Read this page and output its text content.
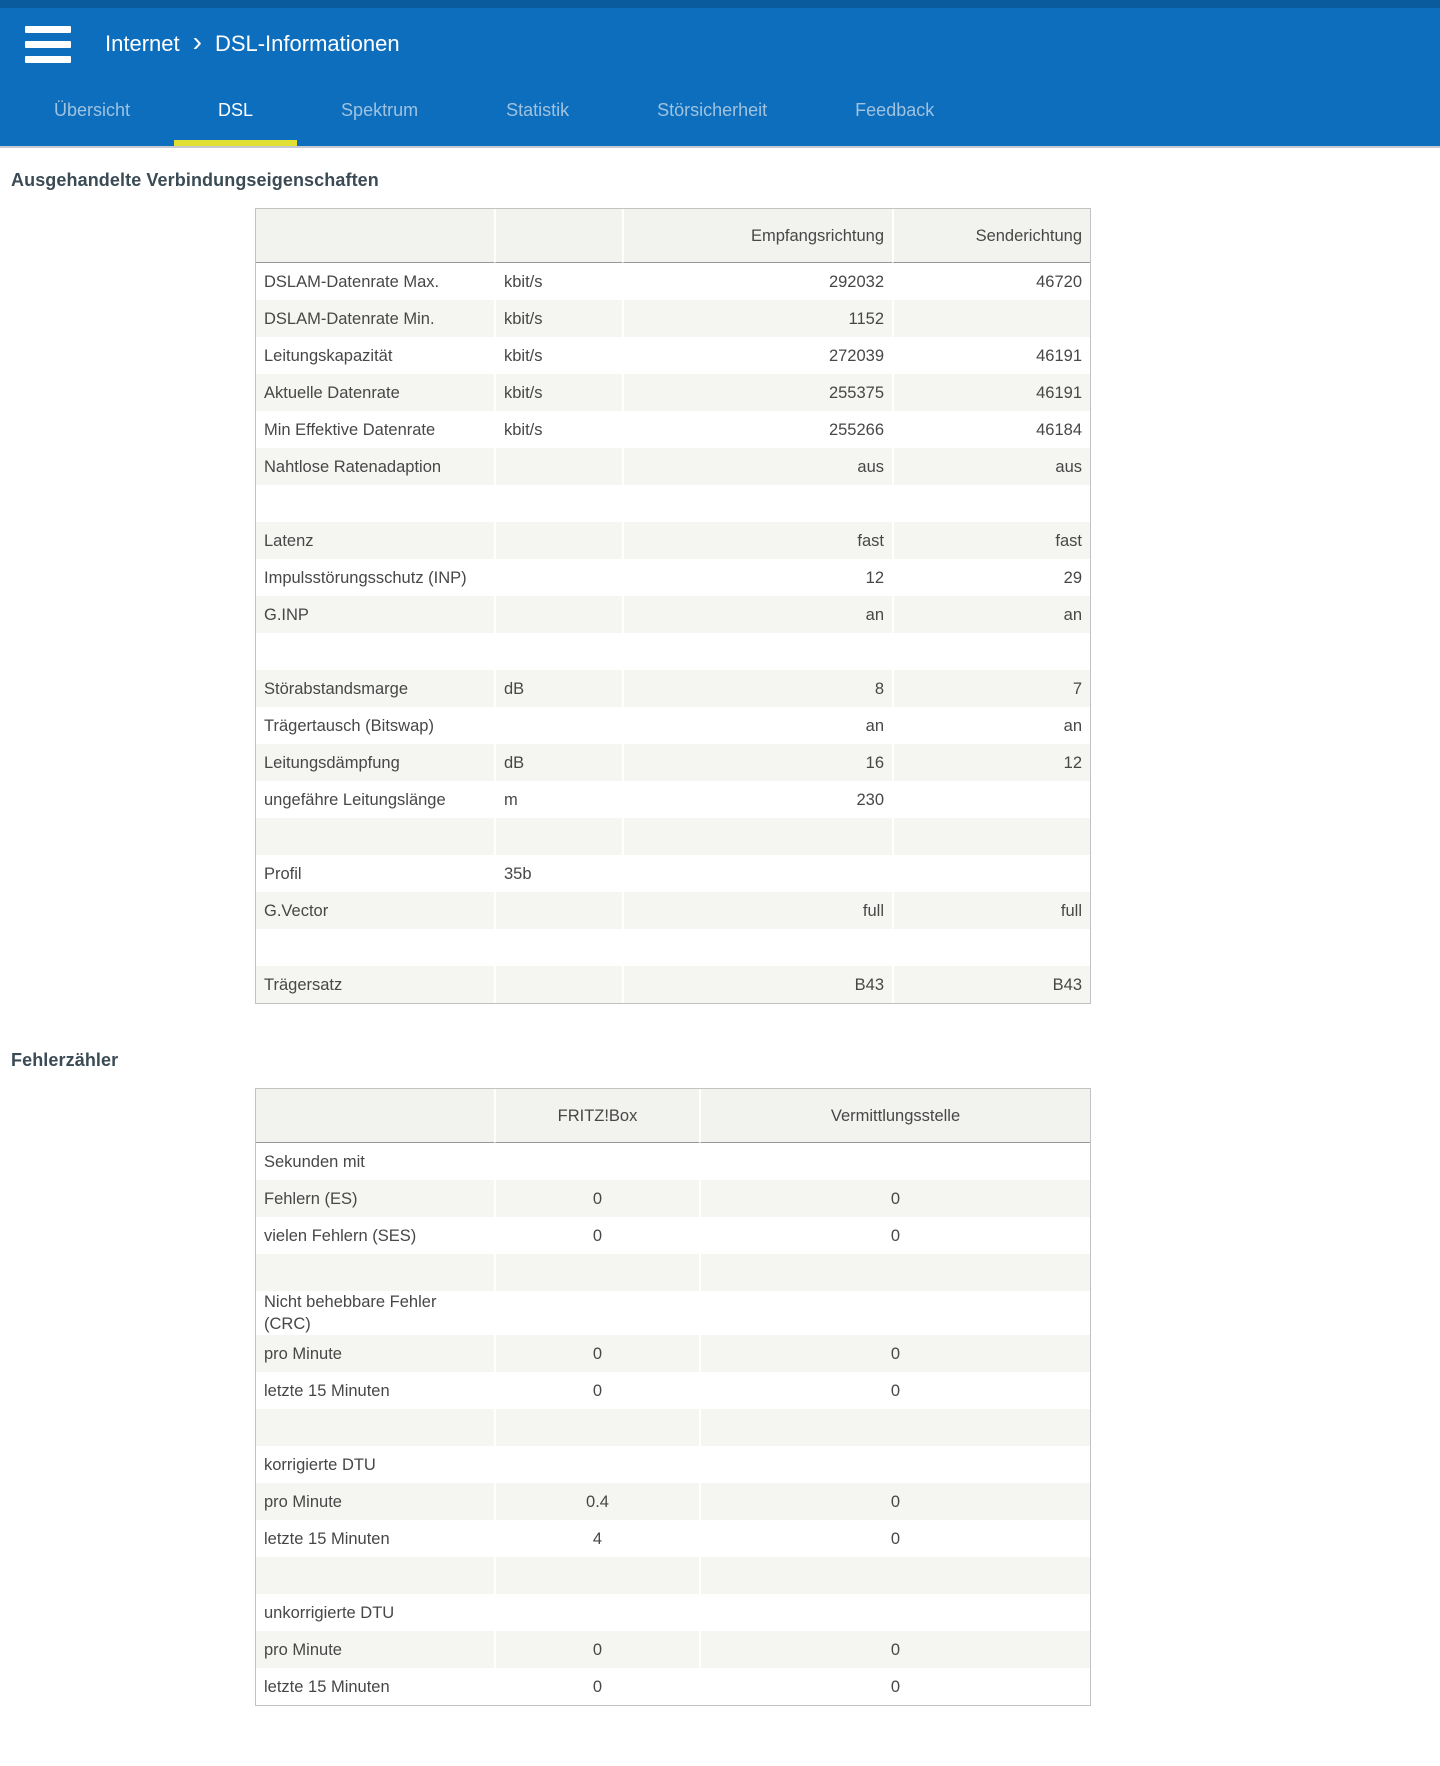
Internet › DSL-Informationen
Übersicht	DSL	Spektrum	Statistik	Störsicherheit	Feedback
Ausgehandelte Verbindungseigenschaften
		Empfangsrichtung	Senderichtung
DSLAM-Datenrate Max.	kbit/s	292032	46720
DSLAM-Datenrate Min.	kbit/s	1152	
Leitungskapazität	kbit/s	272039	46191
Aktuelle Datenrate	kbit/s	255375	46191
Min Effektive Datenrate	kbit/s	255266	46184
Nahtlose Ratenadaption		aus	aus

Latenz		fast	fast
Impulsstörungsschutz (INP)		12	29
G.INP		an	an

Störabstandsmarge	dB	8	7
Trägertausch (Bitswap)		an	an
Leitungsdämpfung	dB	16	12
ungefähre Leitungslänge	m	230	

Profil	35b		
G.Vector		full	full

Trägersatz		B43	B43
Fehlerzähler
	FRITZ!Box	Vermittlungsstelle
Sekunden mit		
Fehlern (ES)	0	0
vielen Fehlern (SES)	0	0

Nicht behebbare Fehler (CRC)		
pro Minute	0	0
letzte 15 Minuten	0	0

korrigierte DTU		
pro Minute	0.4	0
letzte 15 Minuten	4	0

unkorrigierte DTU		
pro Minute	0	0
letzte 15 Minuten	0	0
